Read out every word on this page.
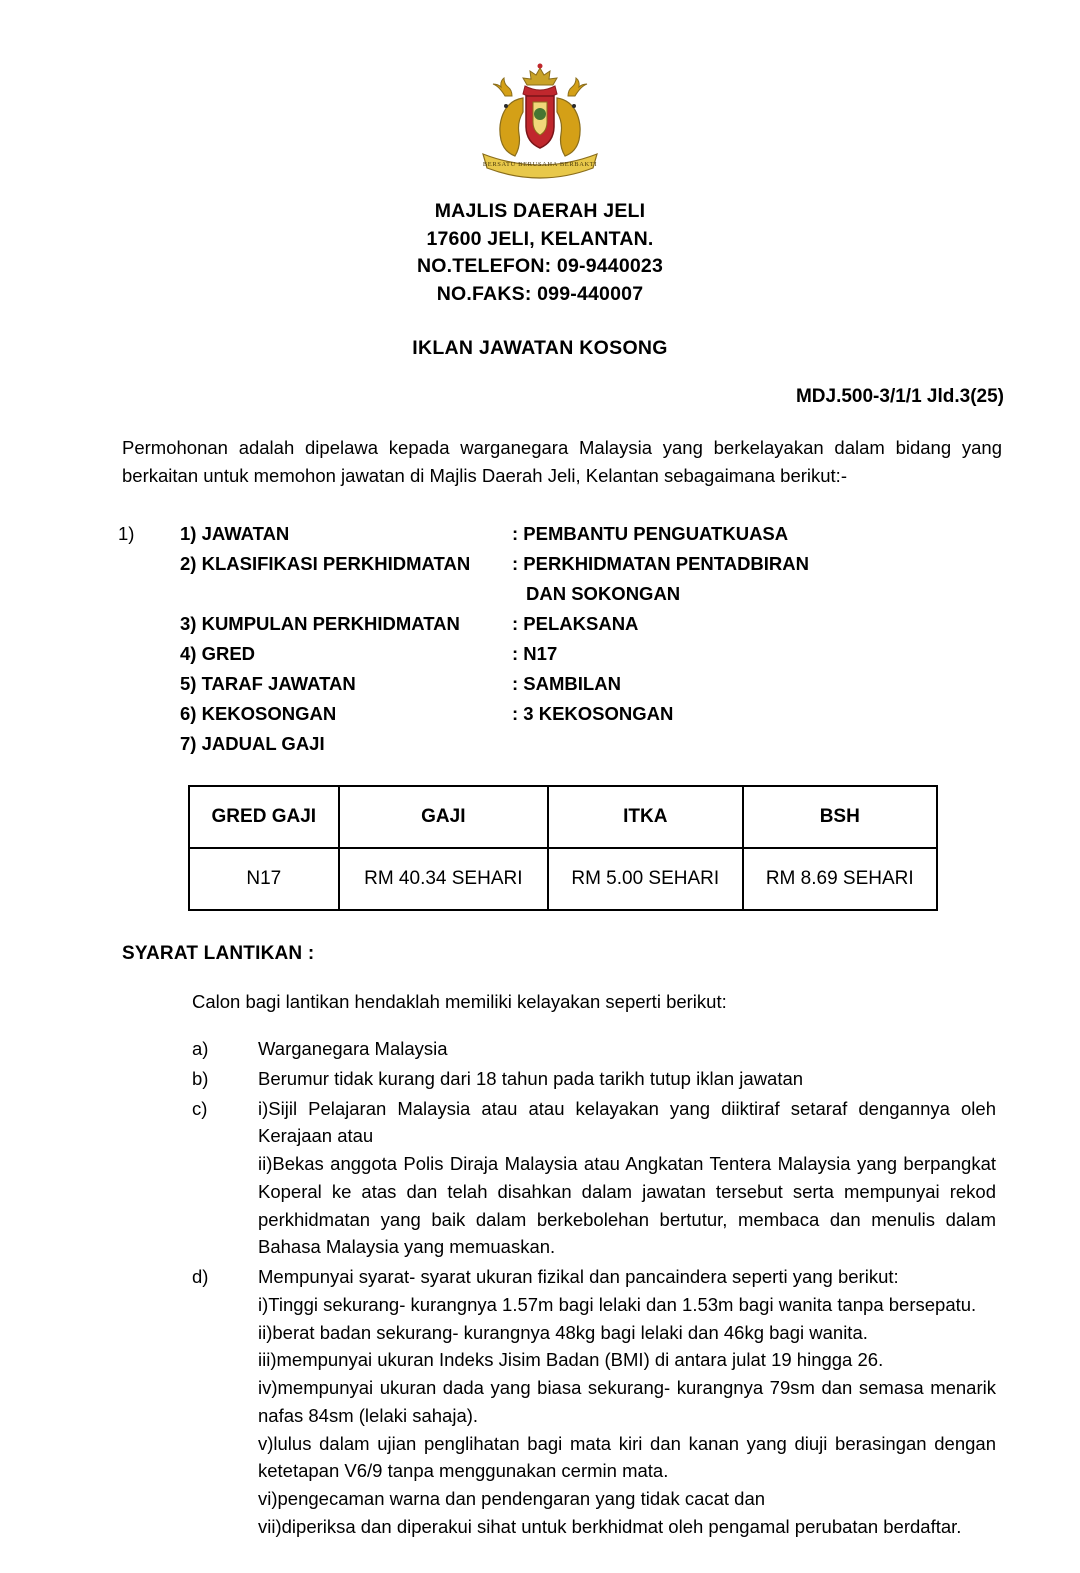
BERSATU BERUSAHA BERBAKTI
MAJLIS DAERAH JELI
17600 JELI, KELANTAN.
NO.TELEFON: 09-9440023
NO.FAKS: 099-440007
IKLAN JAWATAN KOSONG
MDJ.500-3/1/1 Jld.3(25)
Permohonan adalah dipelawa kepada warganegara Malaysia yang berkelayakan dalam bidang yang berkaitan untuk memohon jawatan di Majlis Daerah Jeli, Kelantan sebagaimana berikut:-
1)	1) JAWATAN	: PEMBANTU PENGUATKUASA
2) KLASIFIKASI PERKHIDMATAN	: PERKHIDMATAN PENTADBIRAN
DAN SOKONGAN
3) KUMPULAN PERKHIDMATAN	: PELAKSANA
4) GRED	: N17
5) TARAF JAWATAN	: SAMBILAN
6) KEKOSONGAN	: 3 KEKOSONGAN
7) JADUAL GAJI
GRED GAJI	GAJI	ITKA	BSH
N17	RM 40.34 SEHARI	RM 5.00 SEHARI	RM 8.69 SEHARI
SYARAT LANTIKAN :
Calon bagi lantikan hendaklah memiliki kelayakan seperti berikut:
a)	Warganegara Malaysia

b)	Berumur tidak kurang dari 18 tahun pada tarikh tutup iklan jawatan

c)	i)Sijil Pelajaran Malaysia atau atau kelayakan yang diiktiraf setaraf dengannya oleh Kerajaan atau

ii)Bekas anggota Polis Diraja Malaysia atau Angkatan Tentera Malaysia yang berpangkat Koperal ke atas dan telah disahkan dalam jawatan tersebut serta mempunyai rekod perkhidmatan yang baik dalam berkebolehan bertutur, membaca dan menulis dalam Bahasa Malaysia yang memuaskan.

d)	Mempunyai syarat- syarat ukuran fizikal dan pancaindera seperti yang berikut:

i)Tinggi sekurang- kurangnya 1.57m bagi lelaki dan 1.53m bagi wanita tanpa bersepatu.

ii)berat badan sekurang- kurangnya 48kg bagi lelaki dan 46kg bagi wanita.

iii)mempunyai ukuran Indeks Jisim Badan (BMI) di antara julat 19 hingga 26.

iv)mempunyai ukuran dada yang biasa sekurang- kurangnya 79sm dan semasa menarik nafas 84sm (lelaki sahaja).

v)lulus dalam ujian penglihatan bagi mata kiri dan kanan yang diuji berasingan dengan ketetapan V6/9 tanpa menggunakan cermin mata.

vi)pengecaman warna dan pendengaran yang tidak cacat dan

vii)diperiksa dan diperakui sihat untuk berkhidmat oleh pengamal perubatan berdaftar.
